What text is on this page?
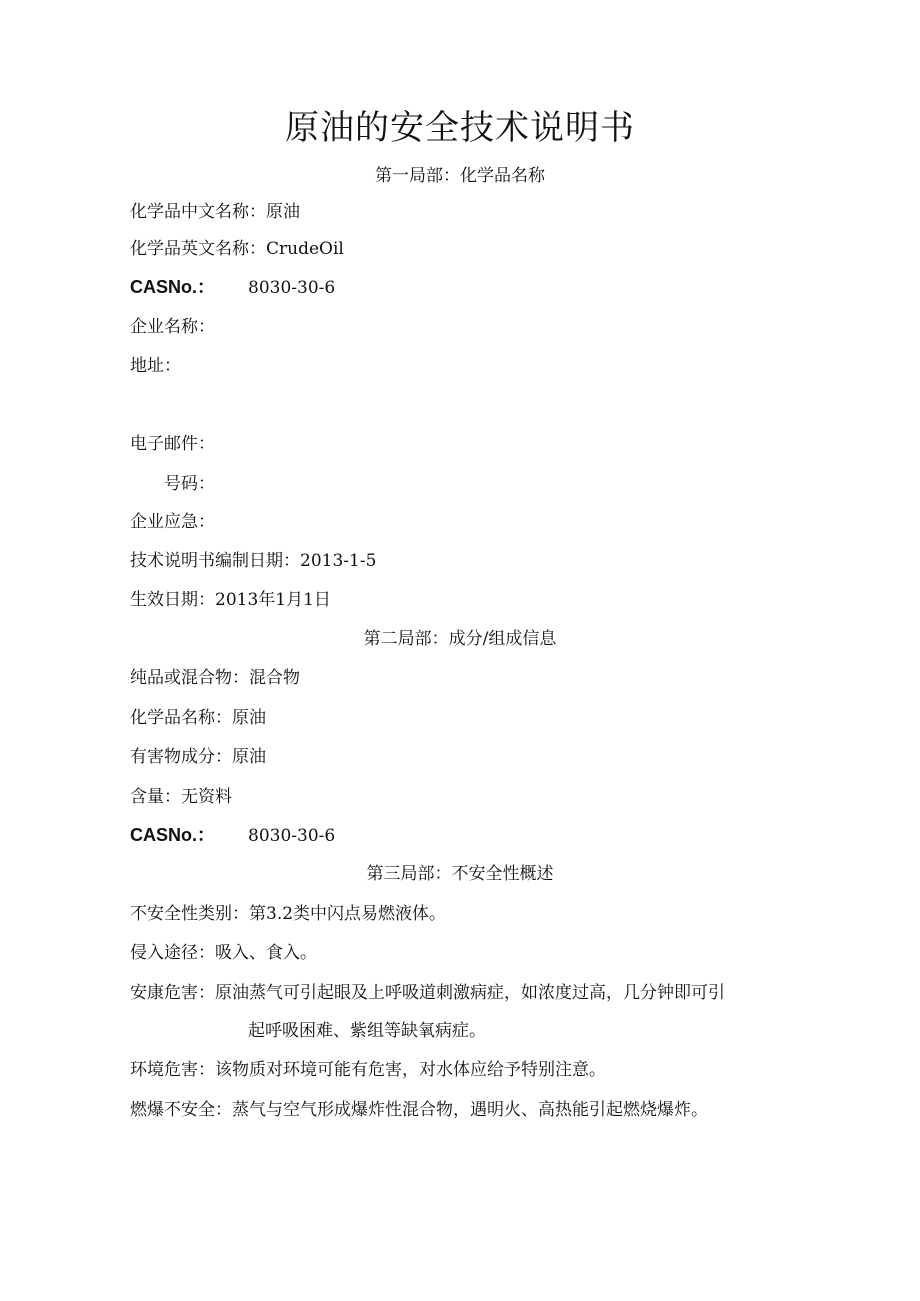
原油的安全技术说明书
第一局部：化学品名称
化学品中文名称：原油
化学品英文名称：CrudeOil
CASNo.： 8030-30-6
企业名称：
地址：
电子邮件：
号码：
企业应急：
技术说明书编制日期：2013-1-5
生效日期：2013年1月1日
第二局部：成分/组成信息
纯品或混合物：混合物
化学品名称：原油
有害物成分：原油
含量：无资料
CASNo.： 8030-30-6
第三局部：不安全性概述
不安全性类别：第3.2类中闪点易燃液体。
侵入途径：吸入、食入。
安康危害：原油蒸气可引起眼及上呼吸道刺激病症，如浓度过高，几分钟即可引
起呼吸困难、紫组等缺氧病症。
环境危害：该物质对环境可能有危害，对水体应给予特别注意。
燃爆不安全：蒸气与空气形成爆炸性混合物，遇明火、高热能引起燃烧爆炸。
